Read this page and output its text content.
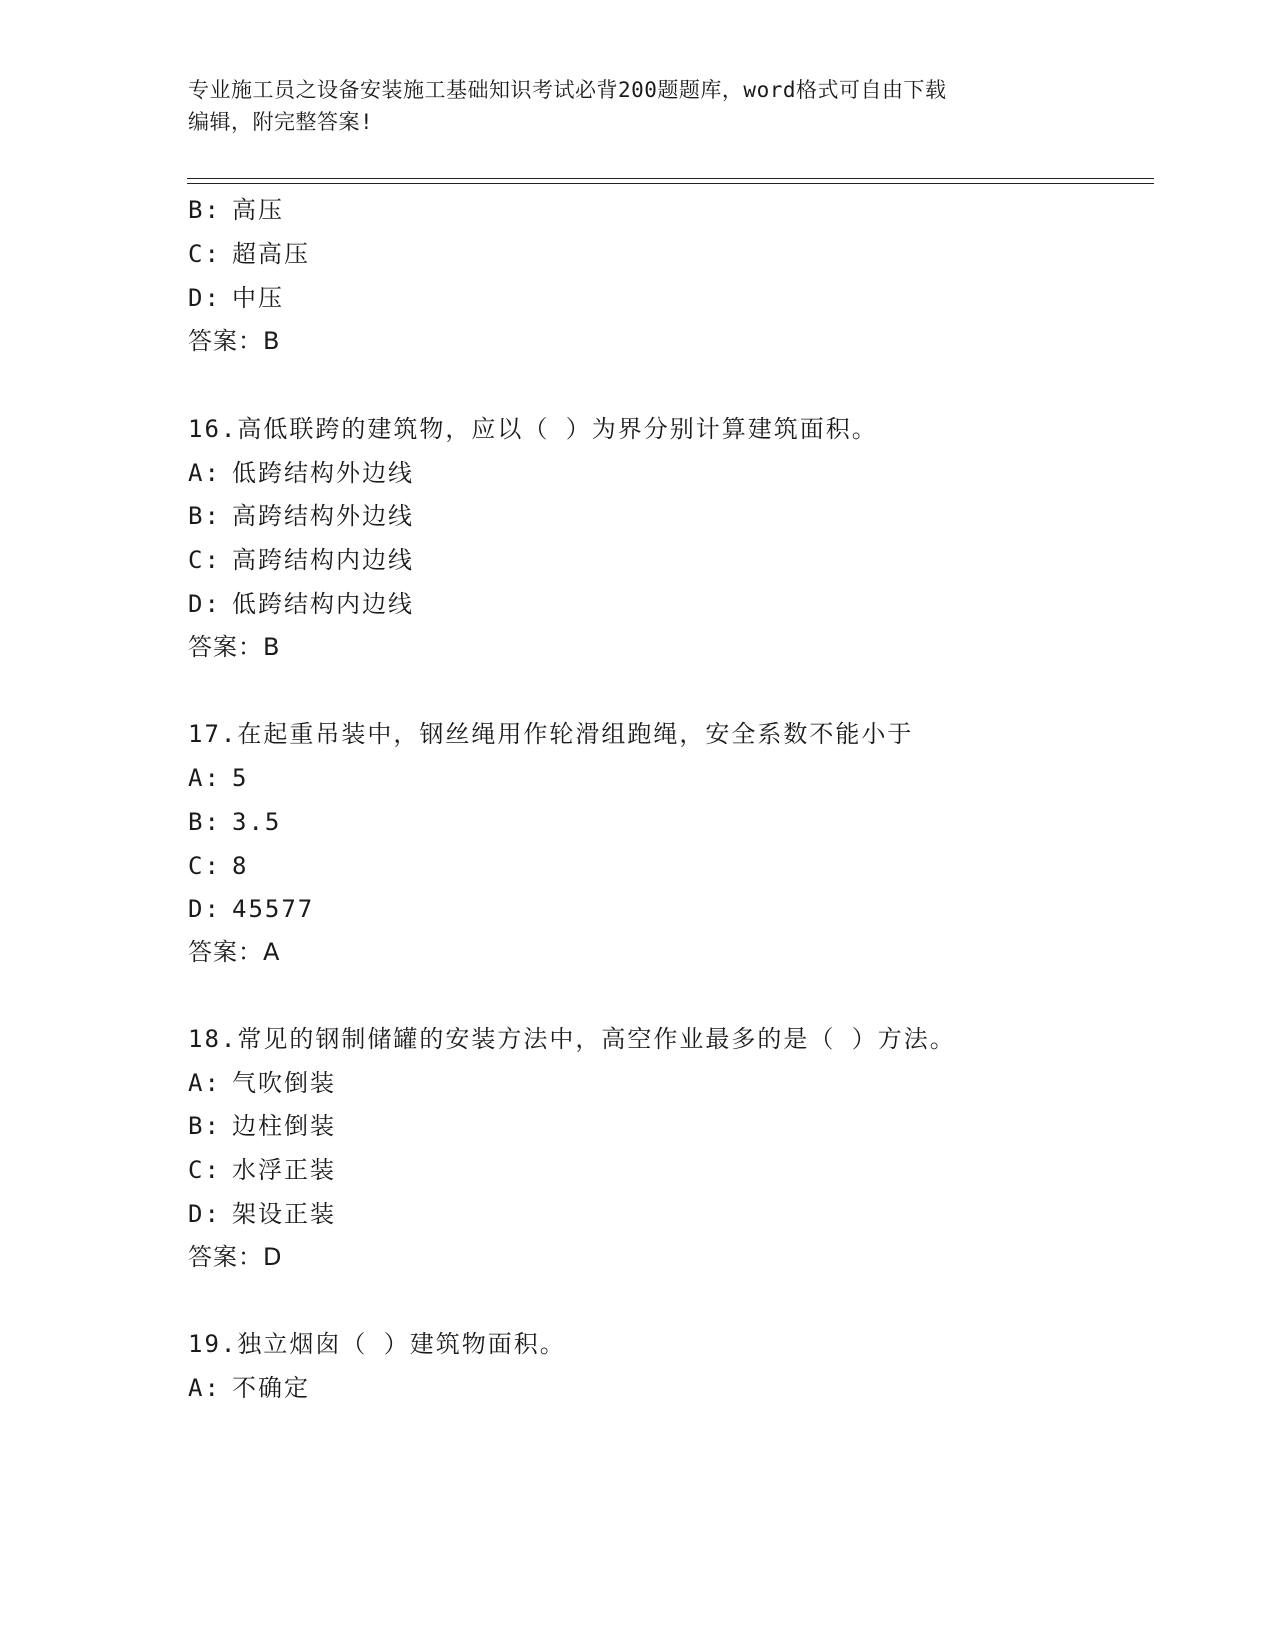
专业施工员之设备安装施工基础知识考试必背200题题库，word格式可自由下载
编辑，附完整答案!
B: 高压
C: 超高压
D: 中压
答案：B
16.高低联跨的建筑物，应以（ ）为界分别计算建筑面积。
A: 低跨结构外边线
B: 高跨结构外边线
C: 高跨结构内边线
D: 低跨结构内边线
答案：B
17.在起重吊装中，钢丝绳用作轮滑组跑绳，安全系数不能小于
A: 5
B: 3.5
C: 8
D: 45577
答案：A
18.常见的钢制储罐的安装方法中，高空作业最多的是（ ）方法。
A: 气吹倒装
B: 边柱倒装
C: 水浮正装
D: 架设正装
答案：D
19.独立烟囱（ ）建筑物面积。
A: 不确定
